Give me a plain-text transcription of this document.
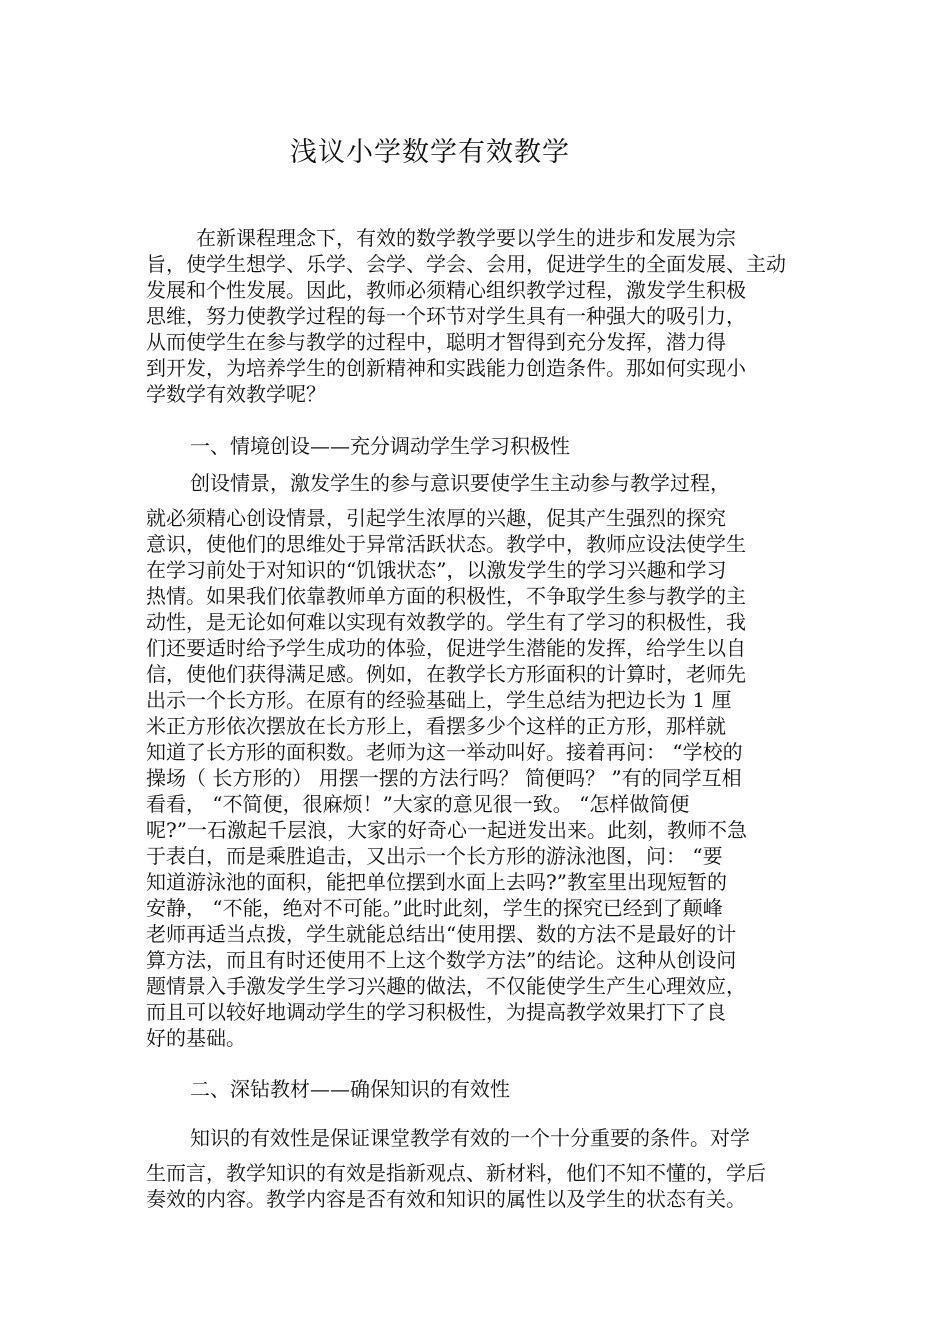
浅议小学数学有效教学
在新课程理念下，有效的数学教学要以学生的进步和发展为宗
旨，使学生想学、乐学、会学、学会、会用，促进学生的全面发展、主动
发展和个性发展。因此，教师必须精心组织教学过程，激发学生积极
思维，努力使教学过程的每一个环节对学生具有一种强大的吸引力，
从而使学生在参与教学的过程中，聪明才智得到充分发挥，潜力得
到开发，为培养学生的创新精神和实践能力创造条件。那如何实现小
学数学有效教学呢？
一、情境创设——充分调动学生学习积极性
创设情景，激发学生的参与意识要使学生主动参与教学过程，
就必须精心创设情景，引起学生浓厚的兴趣，促其产生强烈的探究
意识，使他们的思维处于异常活跃状态。教学中，教师应设法使学生
在学习前处于对知识的“饥饿状态”，以激发学生的学习兴趣和学习
热情。如果我们依靠教师单方面的积极性，不争取学生参与教学的主
动性，是无论如何难以实现有效教学的。学生有了学习的积极性，我
们还要适时给予学生成功的体验，促进学生潜能的发挥，给学生以自
信，使他们获得满足感。例如，在教学长方形面积的计算时，老师先
出示一个长方形。在原有的经验基础上，学生总结为把边长为 1 厘
米正方形依次摆放在长方形上，看摆多少个这样的正方形，那样就
知道了长方形的面积数。老师为这一举动叫好。接着再问： “学校的
操场（ 长方形的） 用摆一摆的方法行吗？ 简便吗？ ”有的同学互相
看看， “不简便，很麻烦！”大家的意见很一致。 “怎样做简便
呢?”一石激起千层浪，大家的好奇心一起迸发出来。此刻，教师不急
于表白，而是乘胜追击，又出示一个长方形的游泳池图，问： “要
知道游泳池的面积，能把单位摆到水面上去吗?”教室里出现短暂的
安静， “不能，绝对不可能。”此时此刻，学生的探究已经到了颠峰
老师再适当点拨，学生就能总结出“使用摆、数的方法不是最好的计
算方法，而且有时还使用不上这个数学方法”的结论。这种从创设问
题情景入手激发学生学习兴趣的做法，不仅能使学生产生心理效应，
而且可以较好地调动学生的学习积极性，为提高教学效果打下了良
好的基础。
二、深钻教材——确保知识的有效性
知识的有效性是保证课堂教学有效的一个十分重要的条件。对学
生而言，教学知识的有效是指新观点、新材料，他们不知不懂的，学后
奏效的内容。教学内容是否有效和知识的属性以及学生的状态有关。
